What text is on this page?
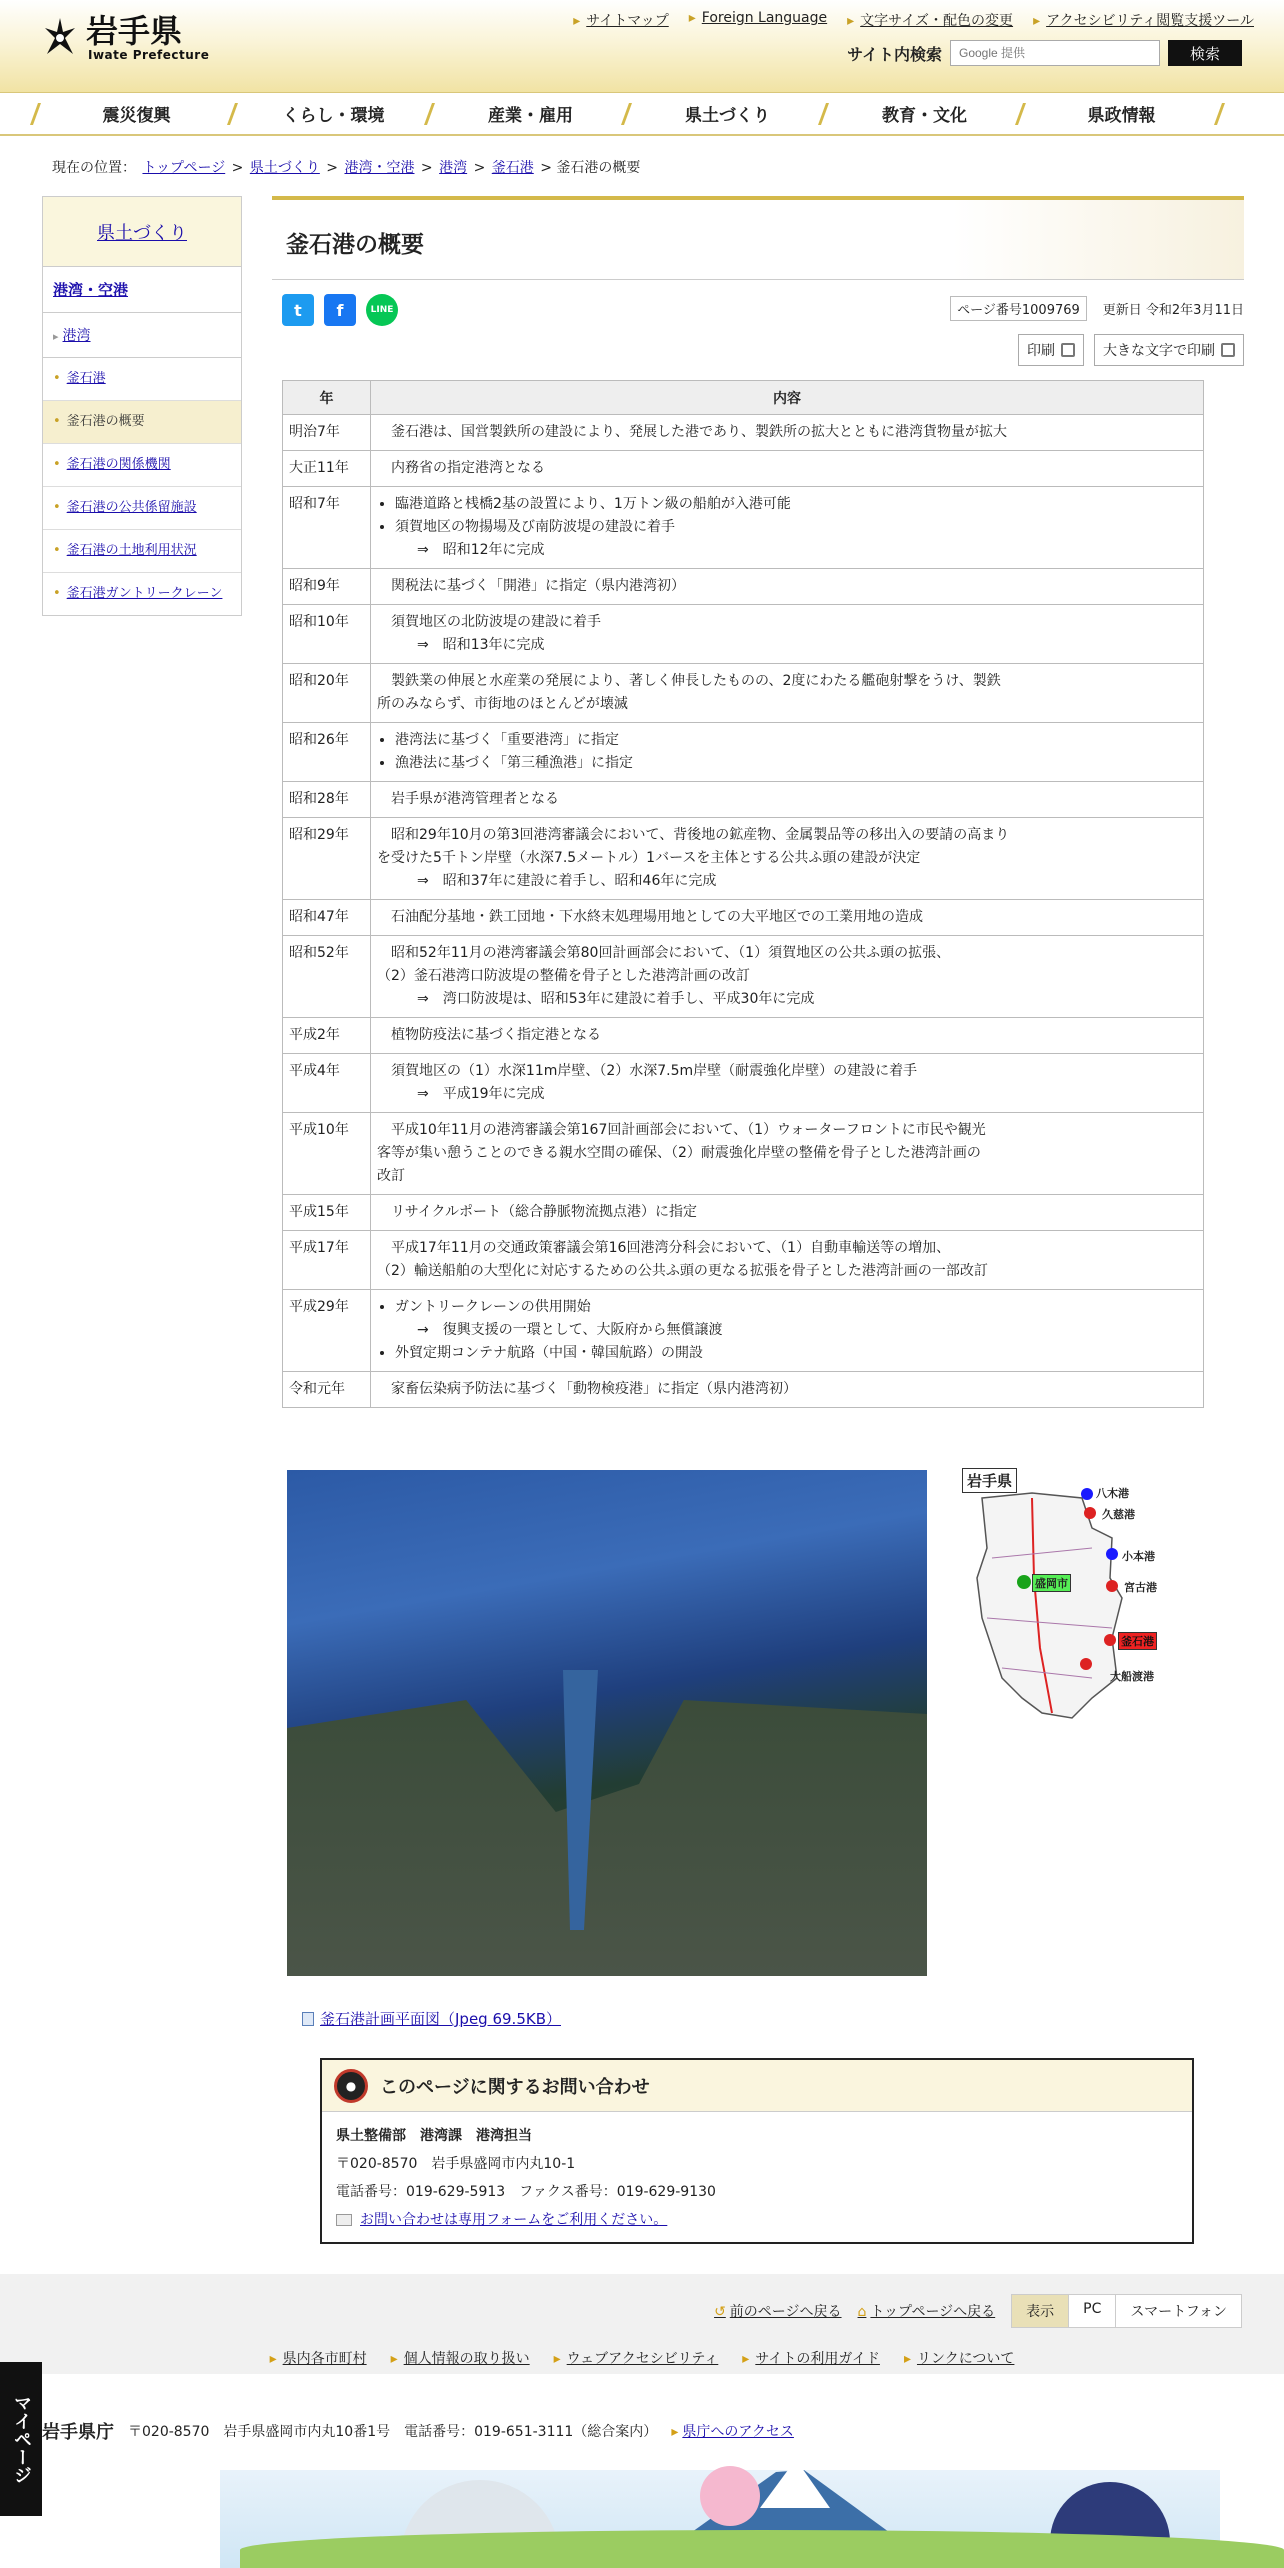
岩手県
Iwate Prefecture
▸ サイトマップ	▸ Foreign Language	▸ 文字サイズ・配色の変更	▸ アクセシビリティ閲覧支援ツール
サイト内検索
Google 提供	検索
震災復興	くらし・環境	産業・雇用	県土づくり	教育・文化	県政情報
現在の位置： トップページ > 県土づくり > 港湾・空港 > 港湾 > 釜石港 > 釜石港の概要
県土づくり
港湾・空港
▸ 港湾
• 釜石港
• 釜石港の概要
• 釜石港の関係機関
• 釜石港の公共係留施設
• 釜石港の土地利用状況
• 釜石港ガントリークレーン
釜石港の概要
t	f	LINE	ページ番号1009769	更新日 令和2年3月11日
印刷	大きな文字で印刷
年	内容
明治7年	釜石港は、国営製鉄所の建設により、発展した港であり、製鉄所の拡大とともに港湾貨物量が拡大

大正11年	内務省の指定港湾となる

昭和7年	• 臨港道路と桟橋2基の設置により、1万トン級の船舶が入港可能
• 須賀地区の物揚場及び南防波堤の建設に着手
⇒　昭和12年に完成

昭和9年	関税法に基づく「開港」に指定（県内港湾初）

昭和10年	須賀地区の北防波堤の建設に着手
⇒　昭和13年に完成

昭和20年	製鉄業の伸展と水産業の発展により、著しく伸長したものの、2度にわたる艦砲射撃をうけ、製鉄
所のみならず、市街地のほとんどが壊滅

昭和26年	• 港湾法に基づく「重要港湾」に指定
• 漁港法に基づく「第三種漁港」に指定

昭和28年	岩手県が港湾管理者となる

昭和29年	昭和29年10月の第3回港湾審議会において、背後地の鉱産物、金属製品等の移出入の要請の高まり
を受けた5千トン岸壁（水深7.5メートル）1バースを主体とする公共ふ頭の建設が決定
⇒　昭和37年に建設に着手し、昭和46年に完成

昭和47年	石油配分基地・鉄工団地・下水終末処理場用地としての大平地区での工業用地の造成

昭和52年	昭和52年11月の港湾審議会第80回計画部会において、（1）須賀地区の公共ふ頭の拡張、
（2）釜石港湾口防波堤の整備を骨子とした港湾計画の改訂
⇒　湾口防波堤は、昭和53年に建設に着手し、平成30年に完成

平成2年	植物防疫法に基づく指定港となる

平成4年	須賀地区の（1）水深11m岸壁、（2）水深7.5m岸壁（耐震強化岸壁）の建設に着手
⇒　平成19年に完成

平成10年	平成10年11月の港湾審議会第167回計画部会において、（1）ウォーターフロントに市民や観光
客等が集い憩うことのできる親水空間の確保、（2）耐震強化岸壁の整備を骨子とした港湾計画の
改訂

平成15年	リサイクルポート（総合静脈物流拠点港）に指定

平成17年	平成17年11月の交通政策審議会第16回港湾分科会において、（1）自動車輸送等の増加、
（2）輸送船舶の大型化に対応するための公共ふ頭の更なる拡張を骨子とした港湾計画の一部改訂

平成29年	• ガントリークレーンの供用開始
→　復興支援の一環として、大阪府から無償譲渡
• 外貿定期コンテナ航路（中国・韓国航路）の開設

令和元年	家畜伝染病予防法に基づく「動物検疫港」に指定（県内港湾初）
岩手県
八木港
久慈港
小本港
盛岡市	宮古港
釜石港
大船渡港
釜石港計画平面図（Jpeg 69.5KB）
●	このページに関するお問い合わせ
県土整備部　港湾課　港湾担当
〒020-8570　岩手県盛岡市内丸10-1
電話番号：019-629-5913　ファクス番号：019-629-9130
お問い合わせは専用フォームをご利用ください。
↺ 前のページへ戻る	⌂ トップページへ戻る	表示	PC	スマートフォン
▸ 県内各市町村	▸ 個人情報の取り扱い	▸ ウェブアクセシビリティ	▸ サイトの利用ガイド	▸ リンクについて
マイページ 岩手県庁 〒020-8570　岩手県盛岡市内丸10番1号　電話番号：019-651-3111（総合案内）	▸ 県庁へのアクセス
